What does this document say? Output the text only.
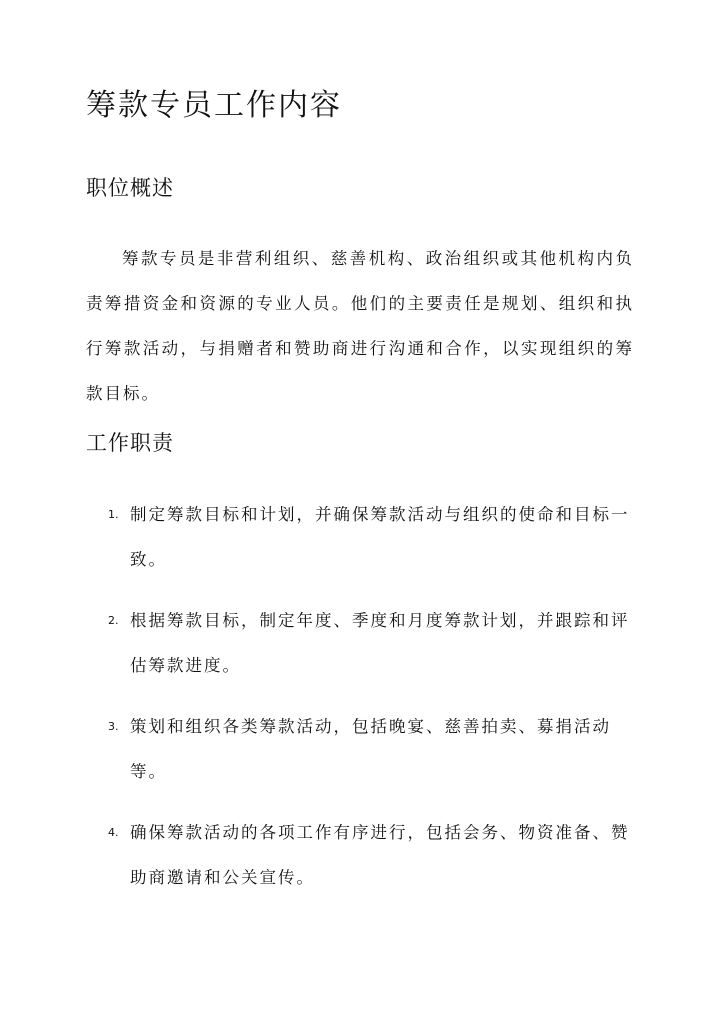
筹款专员工作内容
职位概述

筹款专员是非营利组织、慈善机构、政治组织或其他机构内负责筹措资金和资源的专业人员。他们的主要责任是规划、组织和执行筹款活动，与捐赠者和赞助商进行沟通和合作，以实现组织的筹款目标。

工作职责
1. 制定筹款目标和计划，并确保筹款活动与组织的使命和目标一致。
2. 根据筹款目标，制定年度、季度和月度筹款计划，并跟踪和评估筹款进度。
3. 策划和组织各类筹款活动，包括晚宴、慈善拍卖、募捐活动等。
4. 确保筹款活动的各项工作有序进行，包括会务、物资准备、赞助商邀请和公关宣传。
